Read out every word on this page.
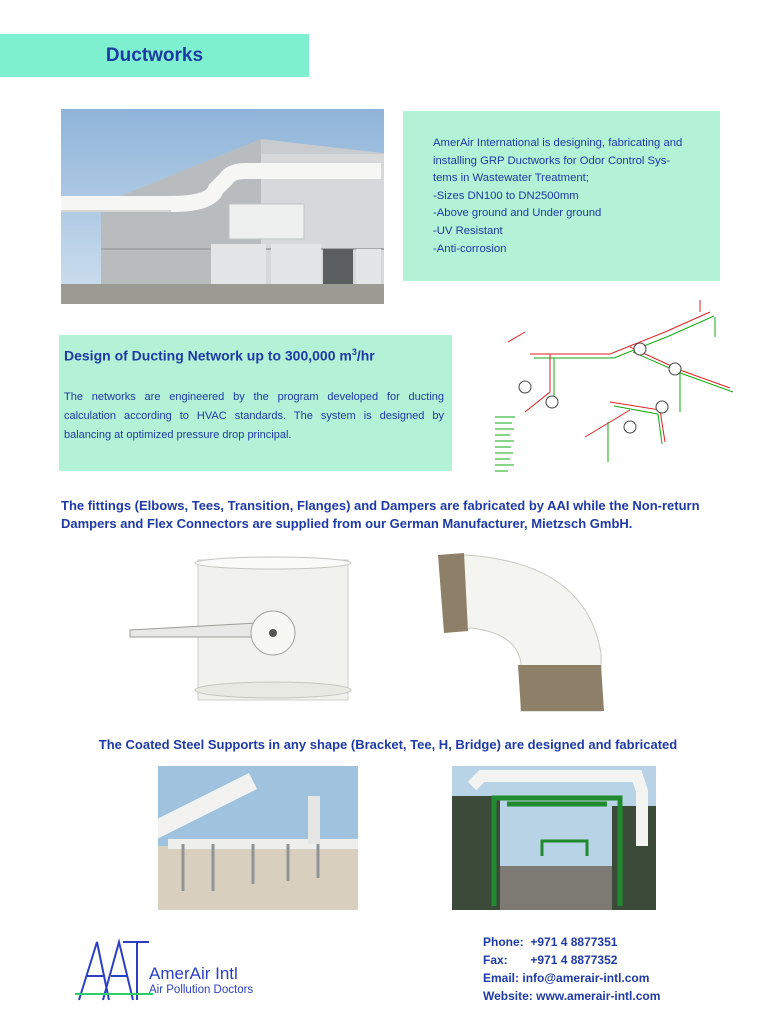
Ductworks
AmerAir International is designing, fabricating and
installing GRP Ductworks for Odor Control Sys-
tems in Wastewater Treatment;
-Sizes DN100 to DN2500mm
-Above ground and Under ground
-UV Resistant
-Anti-corrosion
Design of Ducting Network up to 300,000 $m^3/hr$
The networks are engineered by the program developed for ducting calculation according to HVAC standards. The system is designed by balancing at optimized pressure drop principal.
The fittings (Elbows, Tees, Transition, Flanges) and Dampers are fabricated by AAI while the Non-return Dampers and Flex Connectors are supplied from our German Manufacturer, Mietzsch GmbH.
The Coated Steel Supports in any shape (Bracket, Tee, H, Bridge) are designed and fabricated
AmerAir Intl
Air Pollution Doctors
Phone: +971 4 8877351
Fax: +971 4 8877352
Email: info@amerair-intl.com
Website: www.amerair-intl.com
